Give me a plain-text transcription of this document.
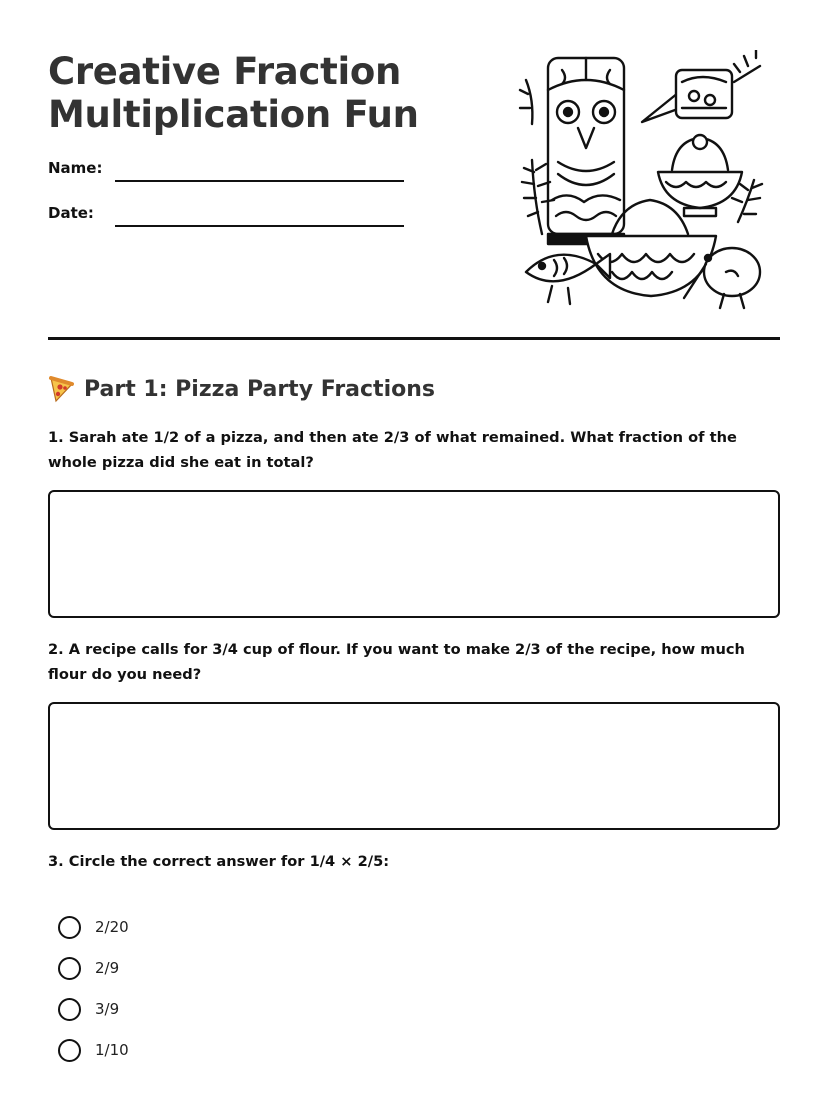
Creative Fraction
Multiplication Fun
Name:
Date:
Part 1: Pizza Party Fractions
1. Sarah ate 1/2 of a pizza, and then ate 2/3 of what remained. What fraction of the whole pizza did she eat in total?
2. A recipe calls for 3/4 cup of flour. If you want to make 2/3 of the recipe, how much flour do you need?
3. Circle the correct answer for 1/4 × 2/5:
2/20
2/9
3/9
1/10
